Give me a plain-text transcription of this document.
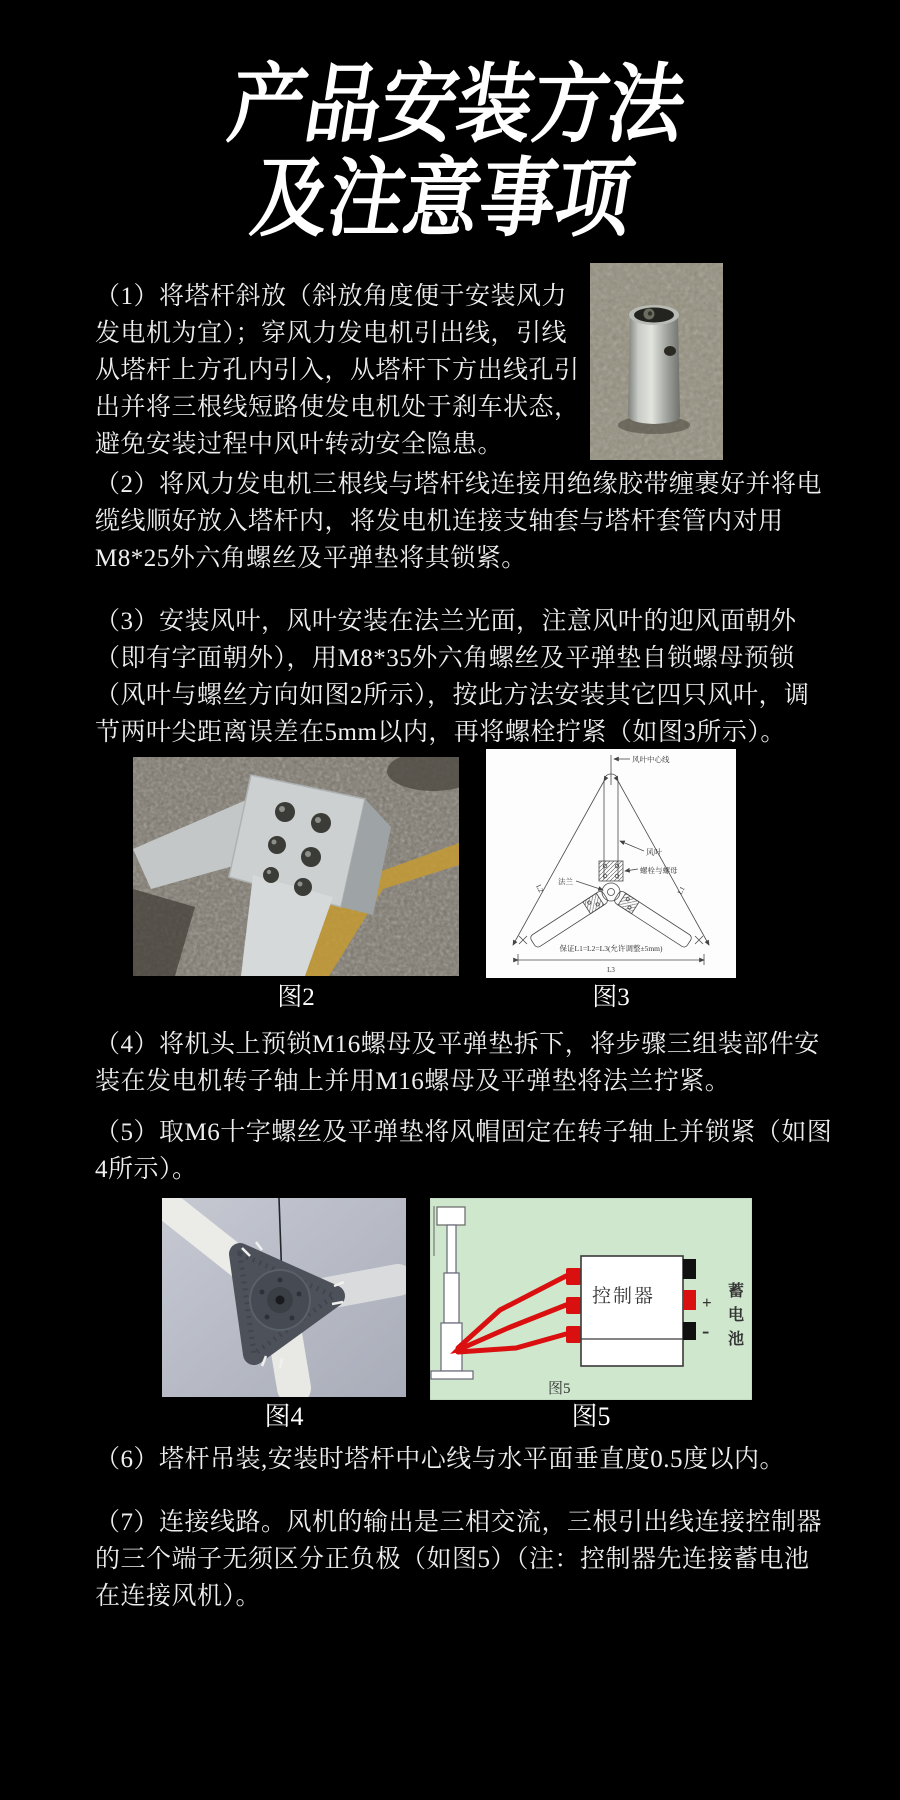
产品安装方法
及注意事项

（1）将塔杆斜放（斜放角度便于安装风力发电机为宜）；穿风力发电机引出线，引线从塔杆上方孔内引入，从塔杆下方出线孔引出并将三根线短路使发电机处于刹车状态，避免安装过程中风叶转动安全隐患。

（2）将风力发电机三根线与塔杆线连接用绝缘胶带缠裹好并将电缆线顺好放入塔杆内，将发电机连接支轴套与塔杆套管内对用M8*25外六角螺丝及平弹垫将其锁紧。

（3）安装风叶，风叶安装在法兰光面，注意风叶的迎风面朝外（即有字面朝外），用M8*35外六角螺丝及平弹垫自锁螺母预锁（风叶与螺丝方向如图2所示），按此方法安装其它四只风叶，调节两叶尖距离误差在5mm以内，再将螺栓拧紧（如图3所示）。

（4）将机头上预锁M16螺母及平弹垫拆下，将步骤三组装部件安装在发电机转子轴上并用M16螺母及平弹垫将法兰拧紧。

（5）取M6十字螺丝及平弹垫将风帽固定在转子轴上并锁紧（如图4所示）。

（6）塔杆吊装,安装时塔杆中心线与水平面垂直度0.5度以内。

（7）连接线路。风机的输出是三相交流，三根引出线连接控制器的三个端子无须区分正负极（如图5）（注：控制器先连接蓄电池在连接风机）。

图2

风叶中心线
风叶
螺栓与螺母
法兰
L2	L1
保证L1=L2=L3(允许调整±5mm)
L3

图3

图4

控制器	+
-
蓄
电
池
图5

图5
